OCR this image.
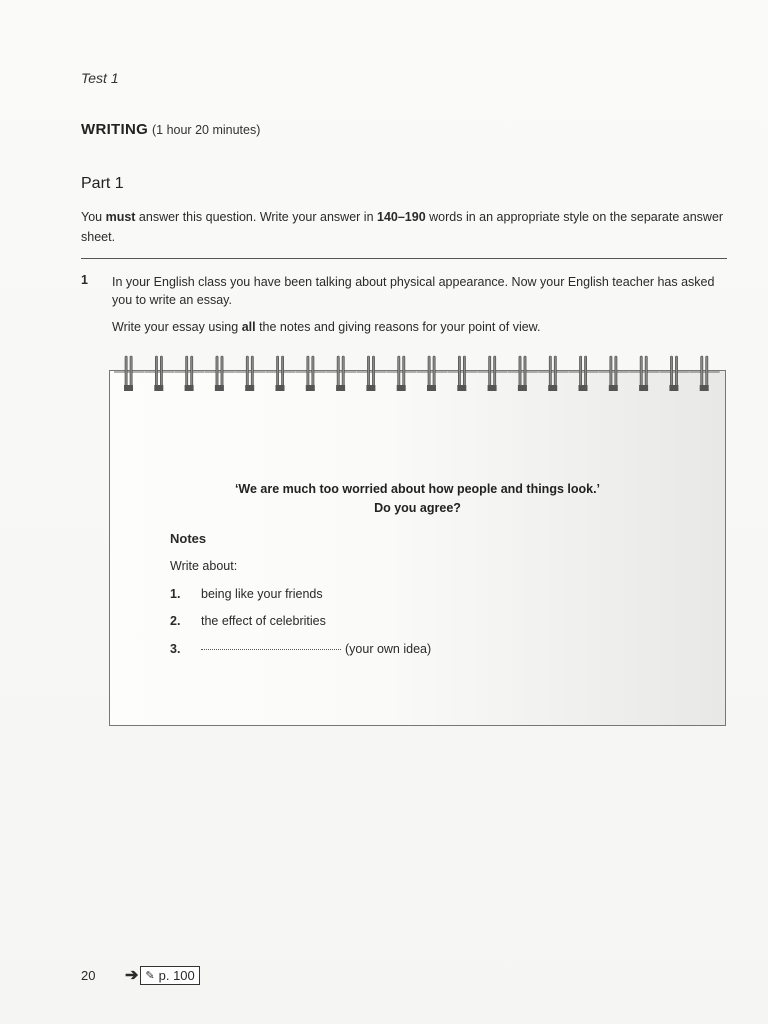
Test 1
WRITING (1 hour 20 minutes)
Part 1
You must answer this question. Write your answer in 140–190 words in an appropriate style on the separate answer sheet.
1 In your English class you have been talking about physical appearance. Now your English teacher has asked you to write an essay.
Write your essay using all the notes and giving reasons for your point of view.
‘We are much too worried about how people and things look.’
Do you agree?
Notes
Write about:
1. being like your friends
2. the effect of celebrities
3.	(your own idea)
20 ➔ ✎ p. 100
